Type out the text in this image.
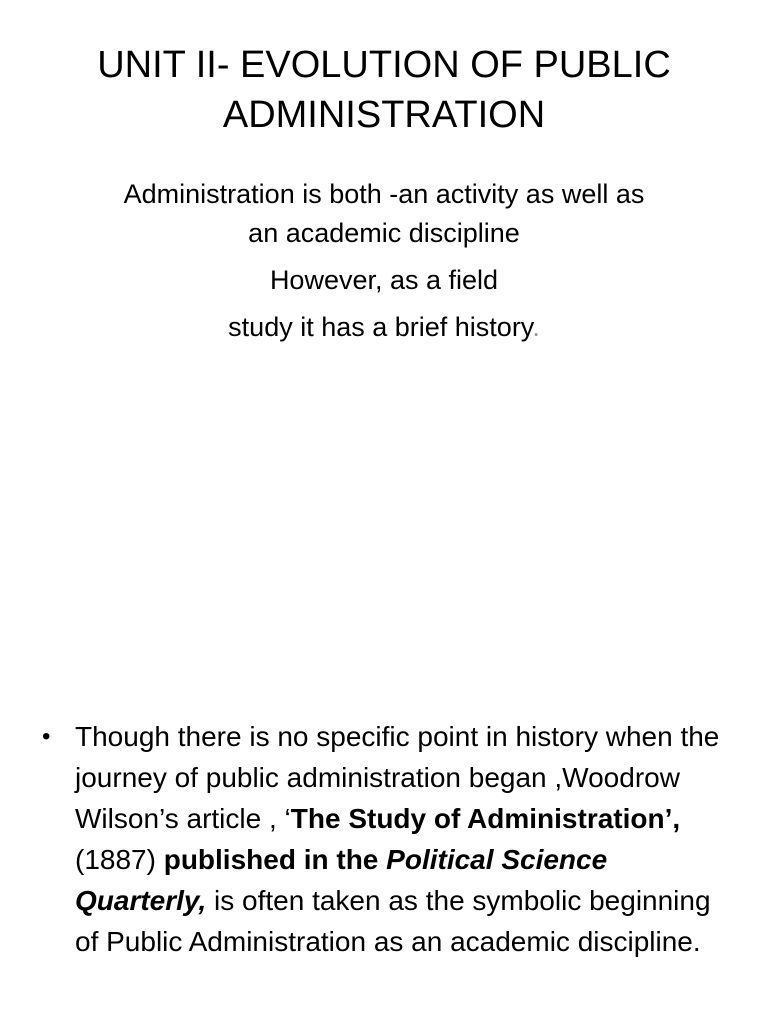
UNIT II- EVOLUTION OF PUBLIC
ADMINISTRATION
Administration is both -an activity as well as
an academic discipline
However, as a field
study it has a brief history.
• Though there is no specific point in history when the journey of public administration began ,Woodrow Wilson’s article , ‘The Study of Administration’, (1887) published in the Political Science Quarterly, is often taken as the symbolic beginning of Public Administration as an academic discipline.
